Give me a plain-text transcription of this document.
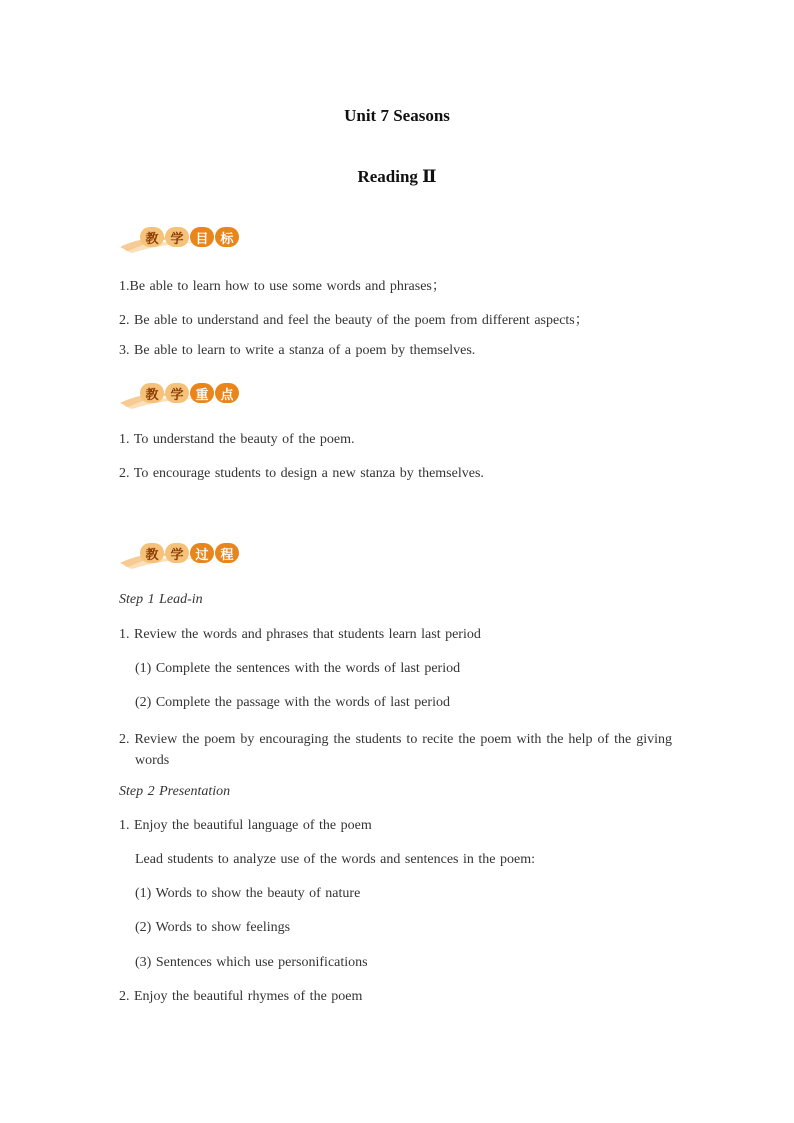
Unit 7 Seasons
Reading Ⅱ
教 学 目 标
1.Be able to learn how to use some words and phrases；
2. Be able to understand and feel the beauty of the poem from different aspects；
3. Be able to learn to write a stanza of a poem by themselves.
教 学 重 点
1. To understand the beauty of the poem.
2. To encourage students to design a new stanza by themselves.
教 学 过 程
Step 1 Lead-in
1. Review the words and phrases that students learn last period
(1) Complete the sentences with the words of last period
(2) Complete the passage with the words of last period
2. Review the poem by encouraging the students to recite the poem with the help of the giving words
Step 2 Presentation
1. Enjoy the beautiful language of the poem
Lead students to analyze use of the words and sentences in the poem:
(1) Words to show the beauty of nature
(2) Words to show feelings
(3) Sentences which use personifications
2. Enjoy the beautiful rhymes of the poem
